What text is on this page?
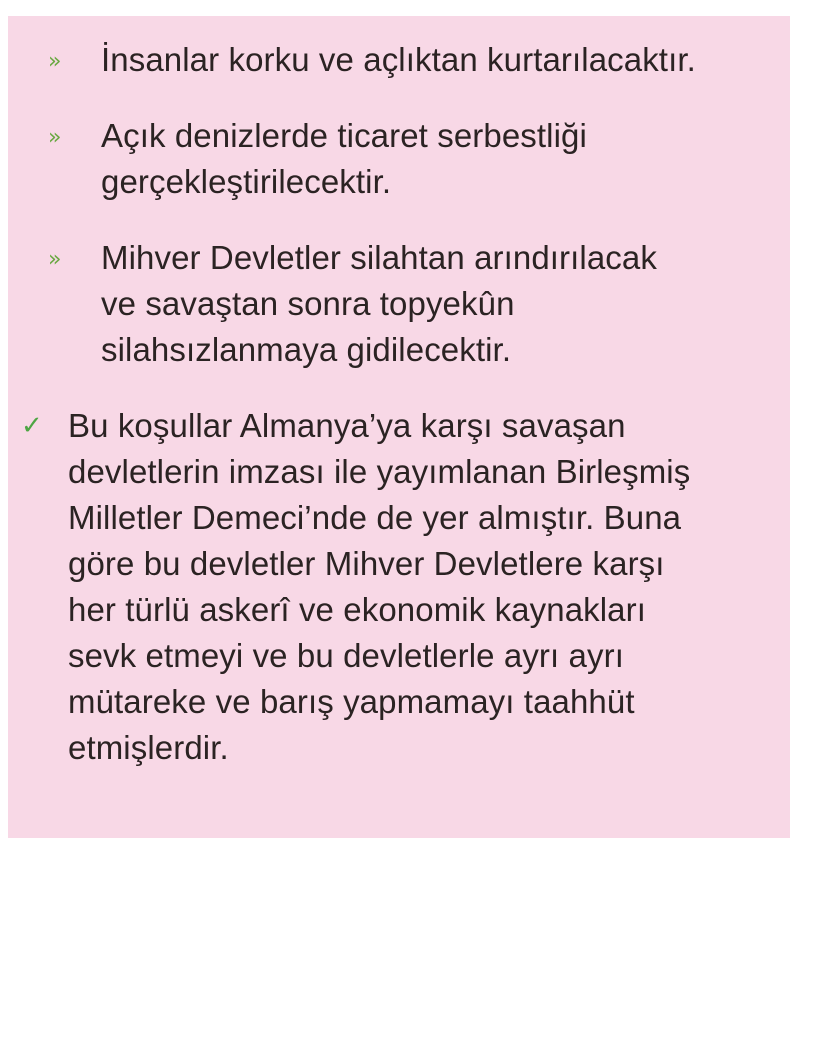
» İnsanlar korku ve açlıktan kurtarılacaktır.
» Açık denizlerde ticaret serbestliği
gerçekleştirilecektir.
» Mihver Devletler silahtan arındırılacak
ve savaştan sonra topyekûn
silahsızlanmaya gidilecektir.
✓ Bu koşullar Almanya’ya karşı savaşan
devletlerin imzası ile yayımlanan Birleşmiş
Milletler Demeci’nde de yer almıştır. Buna
göre bu devletler Mihver Devletlere karşı
her türlü askerî ve ekonomik kaynakları
sevk etmeyi ve bu devletlerle ayrı ayrı
mütareke ve barış yapmamayı taahhüt
etmişlerdir.
